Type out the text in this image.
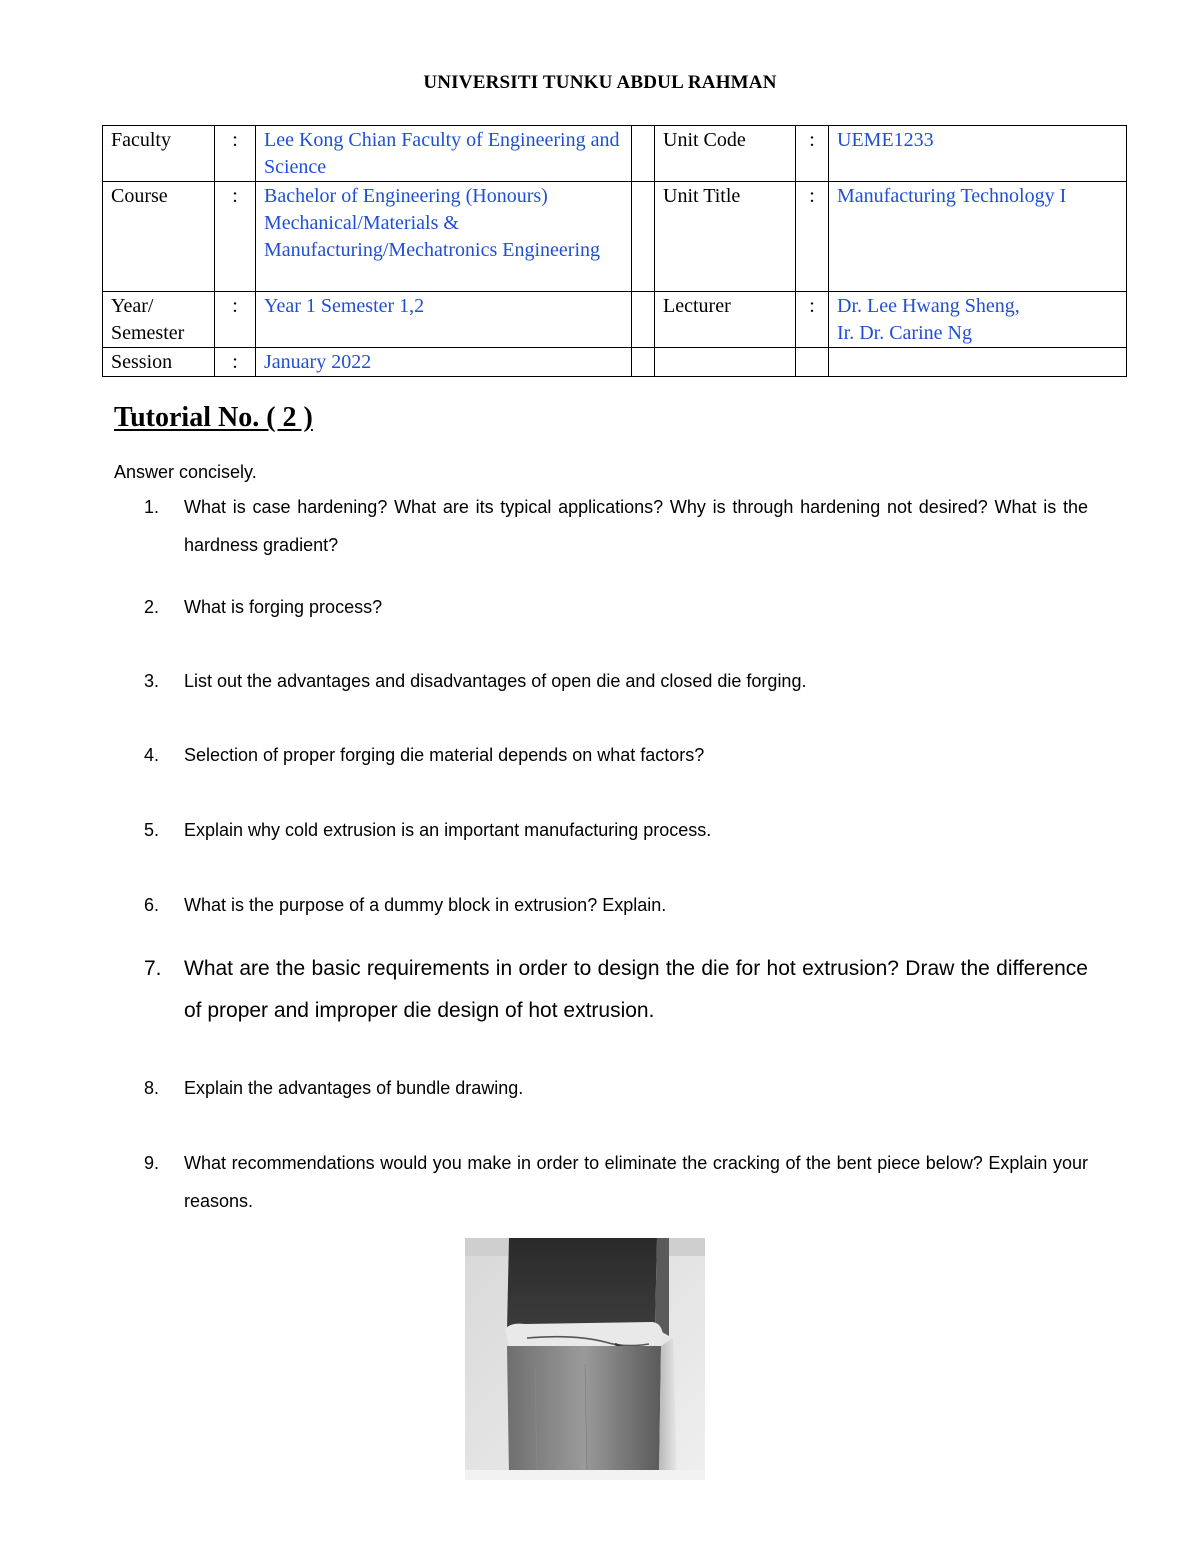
UNIVERSITI TUNKU ABDUL RAHMAN
Faculty	:	Lee Kong Chian Faculty of Engineering and Science		Unit Code	:	UEME1233
Course	:	Bachelor of Engineering (Honours) Mechanical/Materials & Manufacturing/Mechatronics Engineering		Unit Title	:	Manufacturing Technology I
Year/ Semester	:	Year 1 Semester 1,2		Lecturer	:	Dr. Lee Hwang Sheng,
Ir. Dr. Carine Ng

Session	:	January 2022				
Tutorial No. ( 2 )
Answer concisely.
1.	What is case hardening? What are its typical applications? Why is through hardening not desired? What is the hardness gradient?
2.	What is forging process?
3.	List out the advantages and disadvantages of open die and closed die forging.
4.	Selection of proper forging die material depends on what factors?
5.	Explain why cold extrusion is an important manufacturing process.
6.	What is the purpose of a dummy block in extrusion? Explain.
7.	What are the basic requirements in order to design the die for hot extrusion? Draw the difference of proper and improper die design of hot extrusion.
8.	Explain the advantages of bundle drawing.
9.	What recommendations would you make in order to eliminate the cracking of the bent piece below? Explain your reasons.
